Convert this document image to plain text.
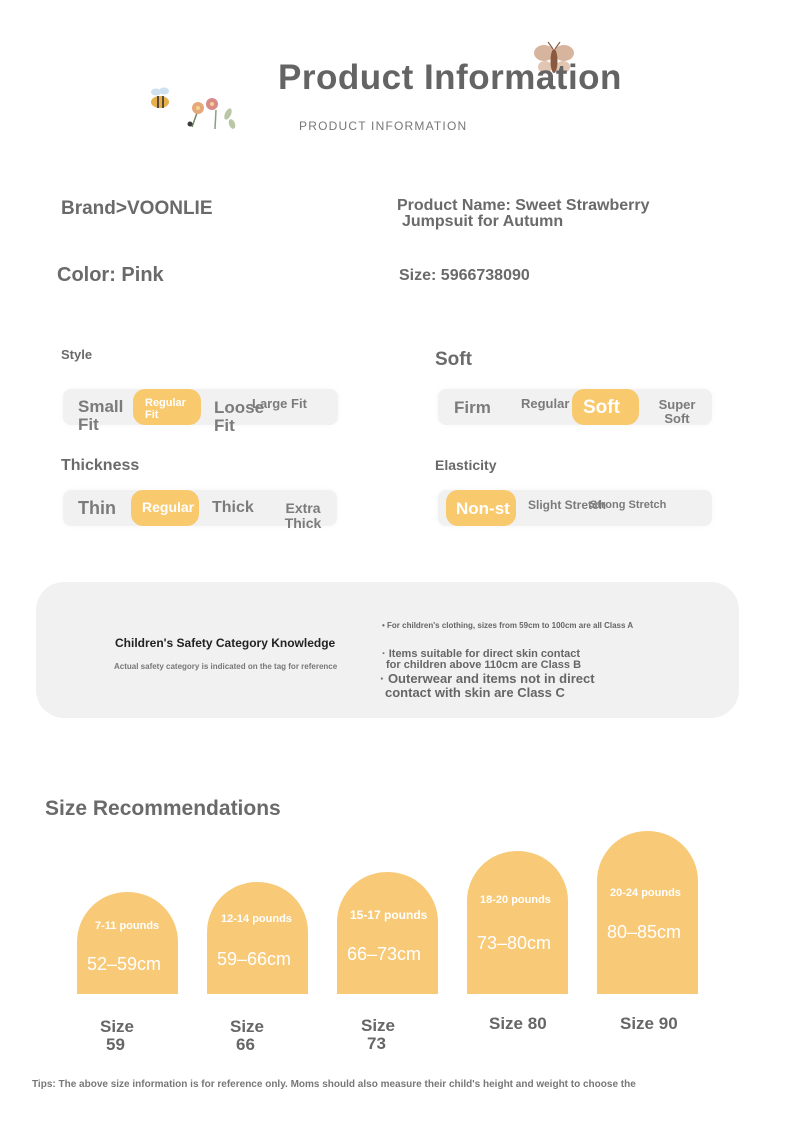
Product Information
PRODUCT INFORMATION
Brand>VOONLIE	Product Name: Sweet Strawberry
Jumpsuit for Autumn
Color: Pink	Size: 5966738090
Style
Small Fit
Regular Fit	Loose Fit
Large Fit
Soft
Firm Regular Soft	Super Soft
Thickness
Thin Regular Thick	Extra Thick
Elasticity
Non-st Slight Stretch
Strong Stretch
Children's Safety Category Knowledge
Actual safety category is indicated on the tag for reference
• For children's clothing, sizes from 59cm to 100cm are all Class A
· Items suitable for direct skin contact
for children above 110cm are Class B
· Outerwear and items not in direct
contact with skin are Class C
Size Recommendations
7-11 pounds
52–59cm
12-14 pounds
59–66cm
15-17 pounds
66–73cm
18-20 pounds
73–80cm
20-24 pounds
80–85cm
Size
59
Size
66
Size
73
Size 80	Size 90
Tips: The above size information is for reference only. Moms should also measure their child's height and weight to choose the
